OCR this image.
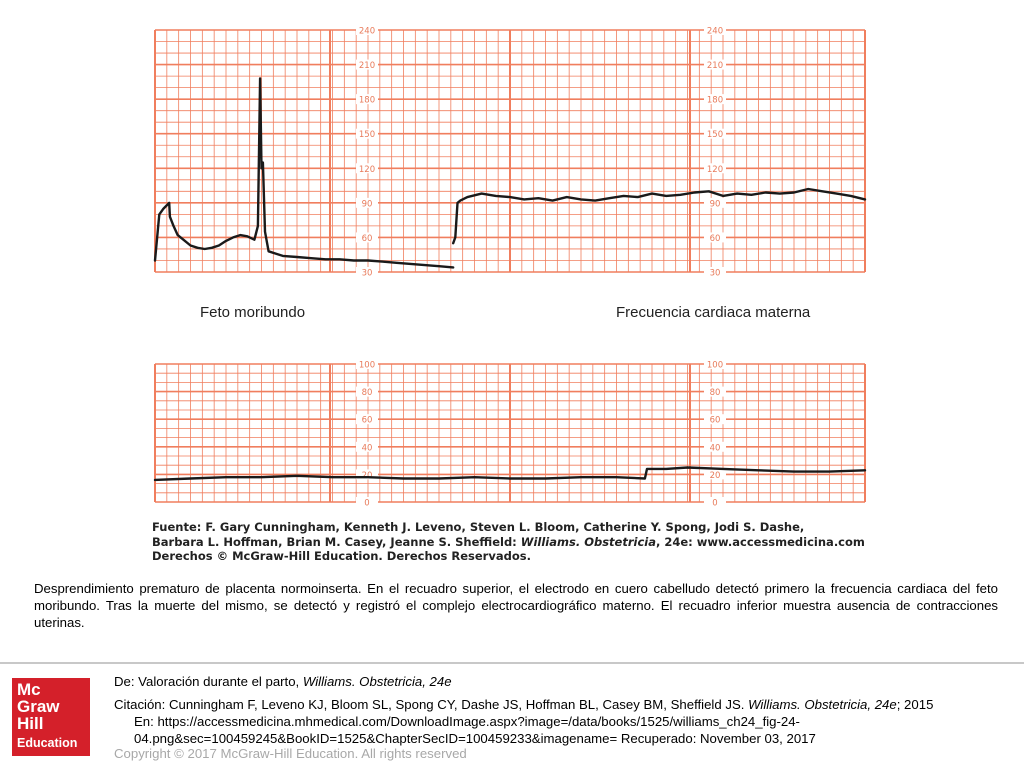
30
60
90
120
150
180
210
240
30
60
90
120
150
180
210
240
0
20
40
60
80
100
0
20
40
60
80
100
Feto moribundo	Frecuencia cardiaca materna
Fuente: F. Gary Cunningham, Kenneth J. Leveno, Steven L. Bloom, Catherine Y. Spong, Jodi S. Dashe,
Barbara L. Hoffman, Brian M. Casey, Jeanne S. Sheffield: Williams. Obstetricia, 24e: www.accessmedicina.com
Derechos © McGraw-Hill Education. Derechos Reservados.
Desprendimiento prematuro de placenta normoinserta. En el recuadro superior, el electrodo en cuero cabelludo detectó primero la frecuencia cardiaca del feto moribundo. Tras la muerte del mismo, se detectó y registró el complejo electrocardiográfico materno. El recuadro inferior muestra ausencia de contracciones uterinas.
Mc
Graw
Hill
Education
De: Valoración durante el parto, Williams. Obstetricia, 24e
Citación: Cunningham F, Leveno KJ, Bloom SL, Spong CY, Dashe JS, Hoffman BL, Casey BM, Sheffield JS. Williams. Obstetricia, 24e; 2015
En: https://accessmedicina.mhmedical.com/DownloadImage.aspx?image=/data/books/1525/williams_ch24_fig-24-
04.png&sec=100459245&BookID=1525&ChapterSecID=100459233&imagename= Recuperado: November 03, 2017
Copyright © 2017 McGraw-Hill Education. All rights reserved
